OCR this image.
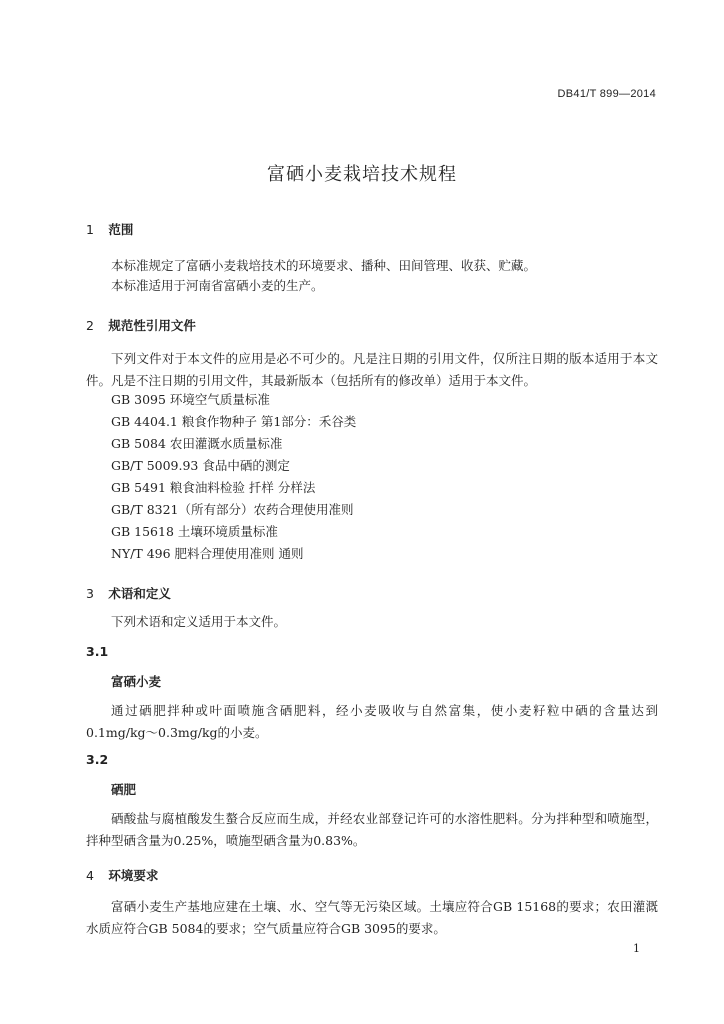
DB41/T 899—2014
富硒小麦栽培技术规程
1 范围
本标准规定了富硒小麦栽培技术的环境要求、播种、田间管理、收获、贮藏。
本标准适用于河南省富硒小麦的生产。
2 规范性引用文件
下列文件对于本文件的应用是必不可少的。凡是注日期的引用文件，仅所注日期的版本适用于本文件。凡是不注日期的引用文件，其最新版本（包括所有的修改单）适用于本文件。
GB 3095 环境空气质量标准
GB 4404.1 粮食作物种子 第1部分：禾谷类
GB 5084 农田灌溉水质量标准
GB/T 5009.93 食品中硒的测定
GB 5491 粮食油料检验 扦样 分样法
GB/T 8321（所有部分）农药合理使用准则
GB 15618 土壤环境质量标准
NY/T 496 肥料合理使用准则 通则
3 术语和定义
下列术语和定义适用于本文件。
3.1
富硒小麦
通过硒肥拌种或叶面喷施含硒肥料，经小麦吸收与自然富集，使小麦籽粒中硒的含量达到0.1mg/kg～0.3mg/kg的小麦。
3.2
硒肥
硒酸盐与腐植酸发生螯合反应而生成，并经农业部登记许可的水溶性肥料。分为拌种型和喷施型，拌种型硒含量为0.25%，喷施型硒含量为0.83%。
4 环境要求
富硒小麦生产基地应建在土壤、水、空气等无污染区域。土壤应符合GB 15168的要求；农田灌溉水质应符合GB 5084的要求；空气质量应符合GB 3095的要求。
1
